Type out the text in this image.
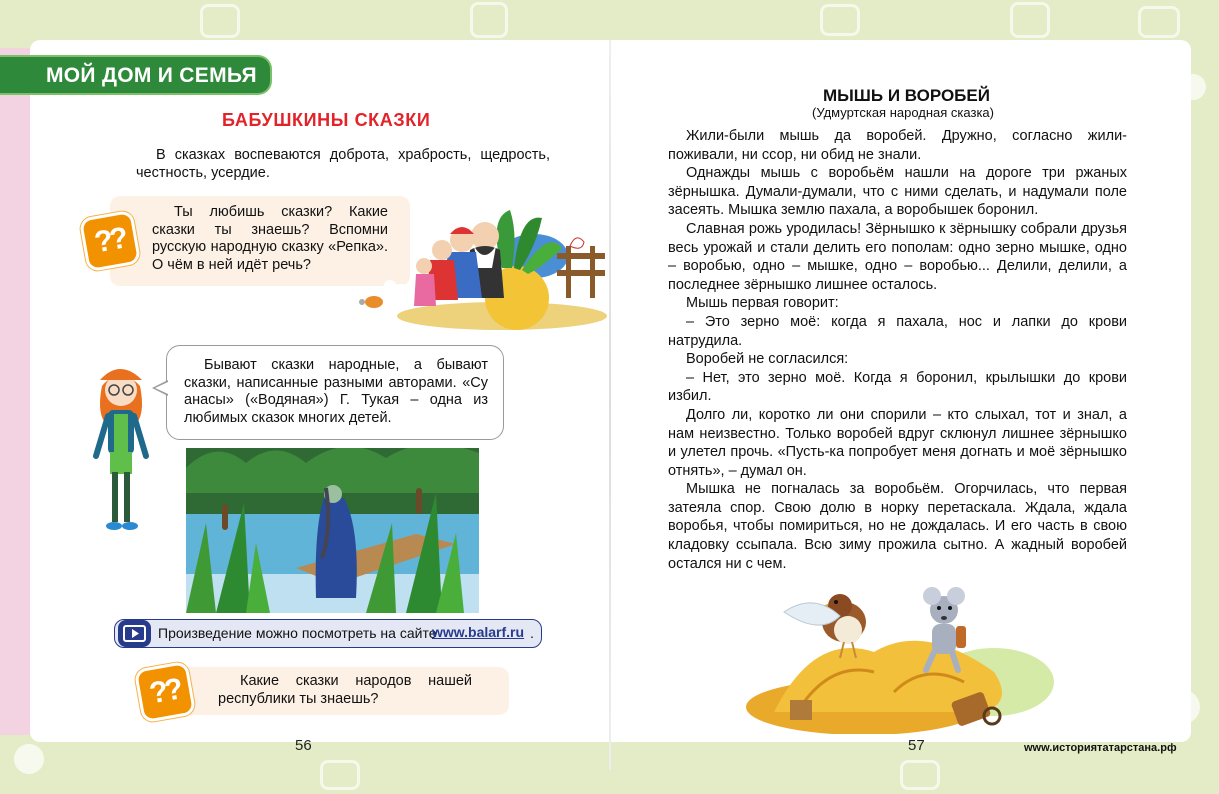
МОЙ ДОМ И СЕМЬЯ
БАБУШКИНЫ СКАЗКИ
В сказках воспеваются доброта, храбрость, щедрость, честность, усердие.
??
Ты любишь сказки? Какие сказки ты знаешь? Вспомни русскую народную сказку «Репка». О чём в ней идёт речь?
Бывают сказки народные, а бывают сказки, написанные разными авторами. «Су анасы» («Водяная») Г. Тукая – одна из любимых сказок многих детей.
Произведение можно посмотреть на сайте
www.balarf.ru .
??	Какие сказки народов нашей республики ты знаешь?
56
МЫШЬ И ВОРОБЕЙ
(Удмуртская народная сказка)

Жили-были мышь да воробей. Дружно, согласно жили-поживали, ни ссор, ни обид не знали.

Однажды мышь с воробьём нашли на дороге три ржаных зёрнышка. Думали-думали, что с ними сделать, и надумали поле засеять. Мышка землю пахала, а воробышек боронил.

Славная рожь уродилась! Зёрнышко к зёрнышку собрали друзья весь урожай и стали делить его пополам: одно зерно мышке, одно – воробью, одно – мышке, одно – воробью... Делили, делили, а последнее зёрнышко лишнее осталось.

Мышь первая говорит:

– Это зерно моё: когда я пахала, нос и лапки до крови натрудила.

Воробей не согласился:

– Нет, это зерно моё. Когда я боронил, крылышки до крови избил.

Долго ли, коротко ли они спорили – кто слыхал, тот и знал, а нам неизвестно. Только воробей вдруг склюнул лишнее зёрнышко и улетел прочь. «Пусть-ка попробует меня догнать и моё зёрнышко отнять», – думал он.

Мышка не погналась за воробьём. Огорчилась, что первая затеяла спор. Свою долю в норку перетаскала. Ждала, ждала воробья, чтобы помириться, но не дождалась. И его часть в свою кладовку ссыпала. Всю зиму прожила сытно. А жадный воробей остался ни с чем.

57	www.историятатарстана.рф
